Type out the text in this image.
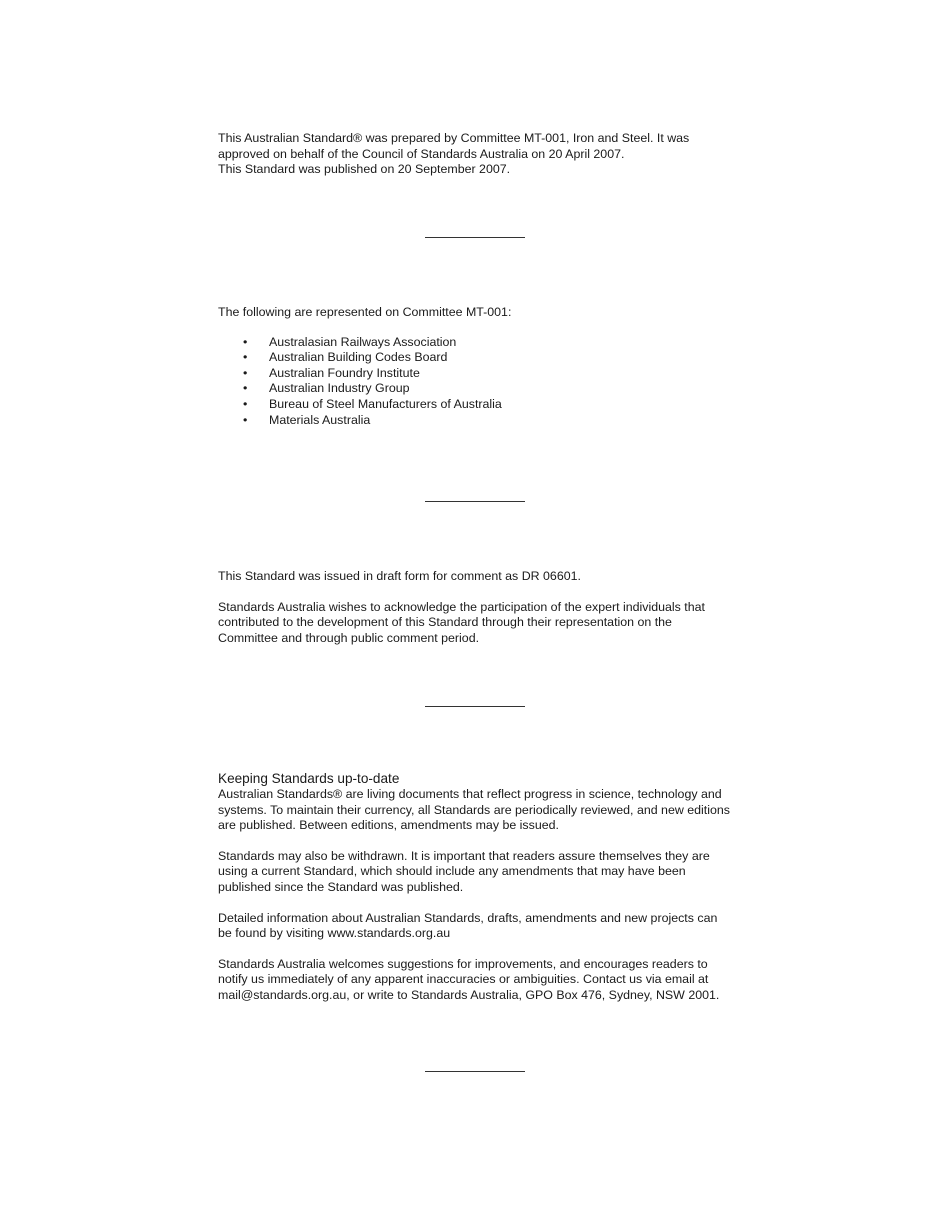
This Australian Standard® was prepared by Committee MT-001, Iron and Steel. It was

approved on behalf of the Council of Standards Australia on 20 April 2007.

This Standard was published on 20 September 2007.

The following are represented on Committee MT-001:

• Australasian Railways Association
• Australian Building Codes Board
• Australian Foundry Institute
• Australian Industry Group
• Bureau of Steel Manufacturers of Australia
• Materials Australia

This Standard was issued in draft form for comment as DR 06601.

Standards Australia wishes to acknowledge the participation of the expert individuals that

contributed to the development of this Standard through their representation on the

Committee and through public comment period.

Keeping Standards up-to-date

Australian Standards® are living documents that reflect progress in science, technology and

systems. To maintain their currency, all Standards are periodically reviewed, and new editions

are published. Between editions, amendments may be issued.

Standards may also be withdrawn. It is important that readers assure themselves they are

using a current Standard, which should include any amendments that may have been

published since the Standard was published.

Detailed information about Australian Standards, drafts, amendments and new projects can

be found by visiting www.standards.org.au

Standards Australia welcomes suggestions for improvements, and encourages readers to

notify us immediately of any apparent inaccuracies or ambiguities. Contact us via email at

mail@standards.org.au, or write to Standards Australia, GPO Box 476, Sydney, NSW 2001.
